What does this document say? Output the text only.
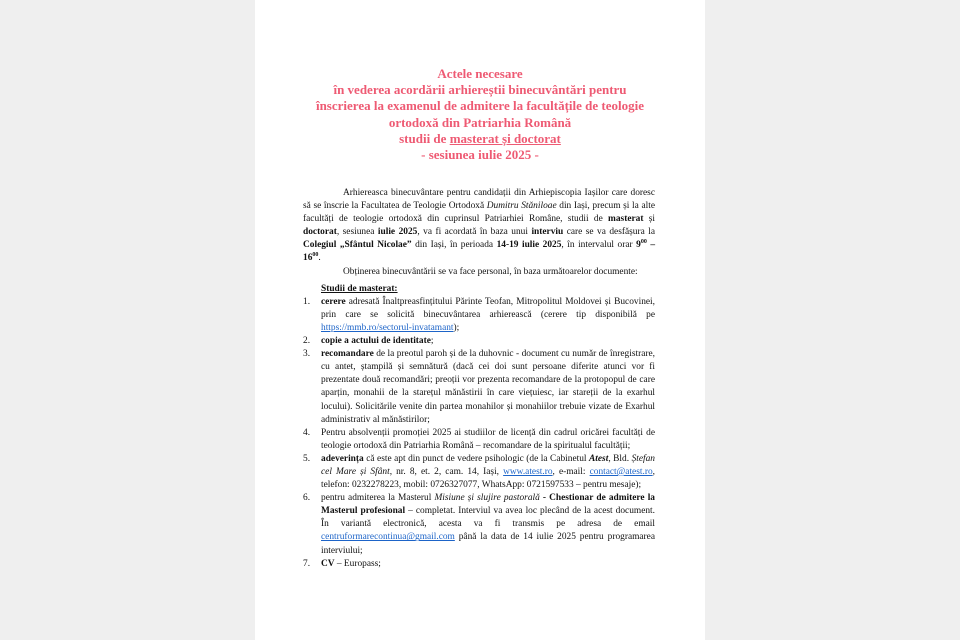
Actele necesare
în vederea acordării arhiereștii binecuvântări pentru
înscrierea la examenul de admitere la facultățile de teologie
ortodoxă din Patriarhia Română
studii de masterat și doctorat
- sesiunea iulie 2025 -

Arhiereasca binecuvântare pentru candidații din Arhiepiscopia Iașilor care doresc să se înscrie la Facultatea de Teologie Ortodoxă Dumitru Stăniloae din Iași, precum și la alte facultăți de teologie ortodoxă din cuprinsul Patriarhiei Române, studii de masterat și doctorat, sesiunea iulie 2025, va fi acordată în baza unui interviu care se va desfășura la Colegiul „Sfântul Nicolae” din Iași, în perioada 14-19 iulie 2025, în intervalul orar $9^{00} - 16^{00}$.

Obținerea binecuvântării se va face personal, în baza următoarelor documente:

Studii de masterat:
1. cerere adresată Înaltpreasfințitului Părinte Teofan, Mitropolitul Moldovei și Bucovinei, prin care se solicită binecuvântarea arhierească (cerere tip disponibilă pe https://mmb.ro/sectorul-invatamant);
2. copie a actului de identitate;
3. recomandare de la preotul paroh și de la duhovnic - document cu număr de înregistrare, cu antet, ștampilă și semnătură (dacă cei doi sunt persoane diferite atunci vor fi prezentate două recomandări; preoții vor prezenta recomandare de la protopopul de care aparțin, monahii de la starețul mănăstirii în care viețuiesc, iar stareții de la exarhul locului). Solicitările venite din partea monahilor și monahiilor trebuie vizate de Exarhul administrativ al mănăstirilor;
4. Pentru absolvenții promoției 2025 ai studiilor de licență din cadrul oricărei facultăți de teologie ortodoxă din Patriarhia Română – recomandare de la spiritualul facultății;
5. adeverința că este apt din punct de vedere psihologic (de la Cabinetul Atest, Bld. Ștefan cel Mare și Sfânt, nr. 8, et. 2, cam. 14, Iași, www.atest.ro, e-mail: contact@atest.ro, telefon: 0232278223, mobil: 0726327077, WhatsApp: 0721597533 – pentru mesaje);
6. pentru admiterea la Masterul Misiune și slujire pastorală - Chestionar de admitere la Masterul profesional – completat. Interviul va avea loc plecând de la acest document. În variantă electronică, acesta va fi transmis pe adresa de email centruformarecontinua@gmail.com până la data de 14 iulie 2025 pentru programarea interviului;
7. CV – Europass;
